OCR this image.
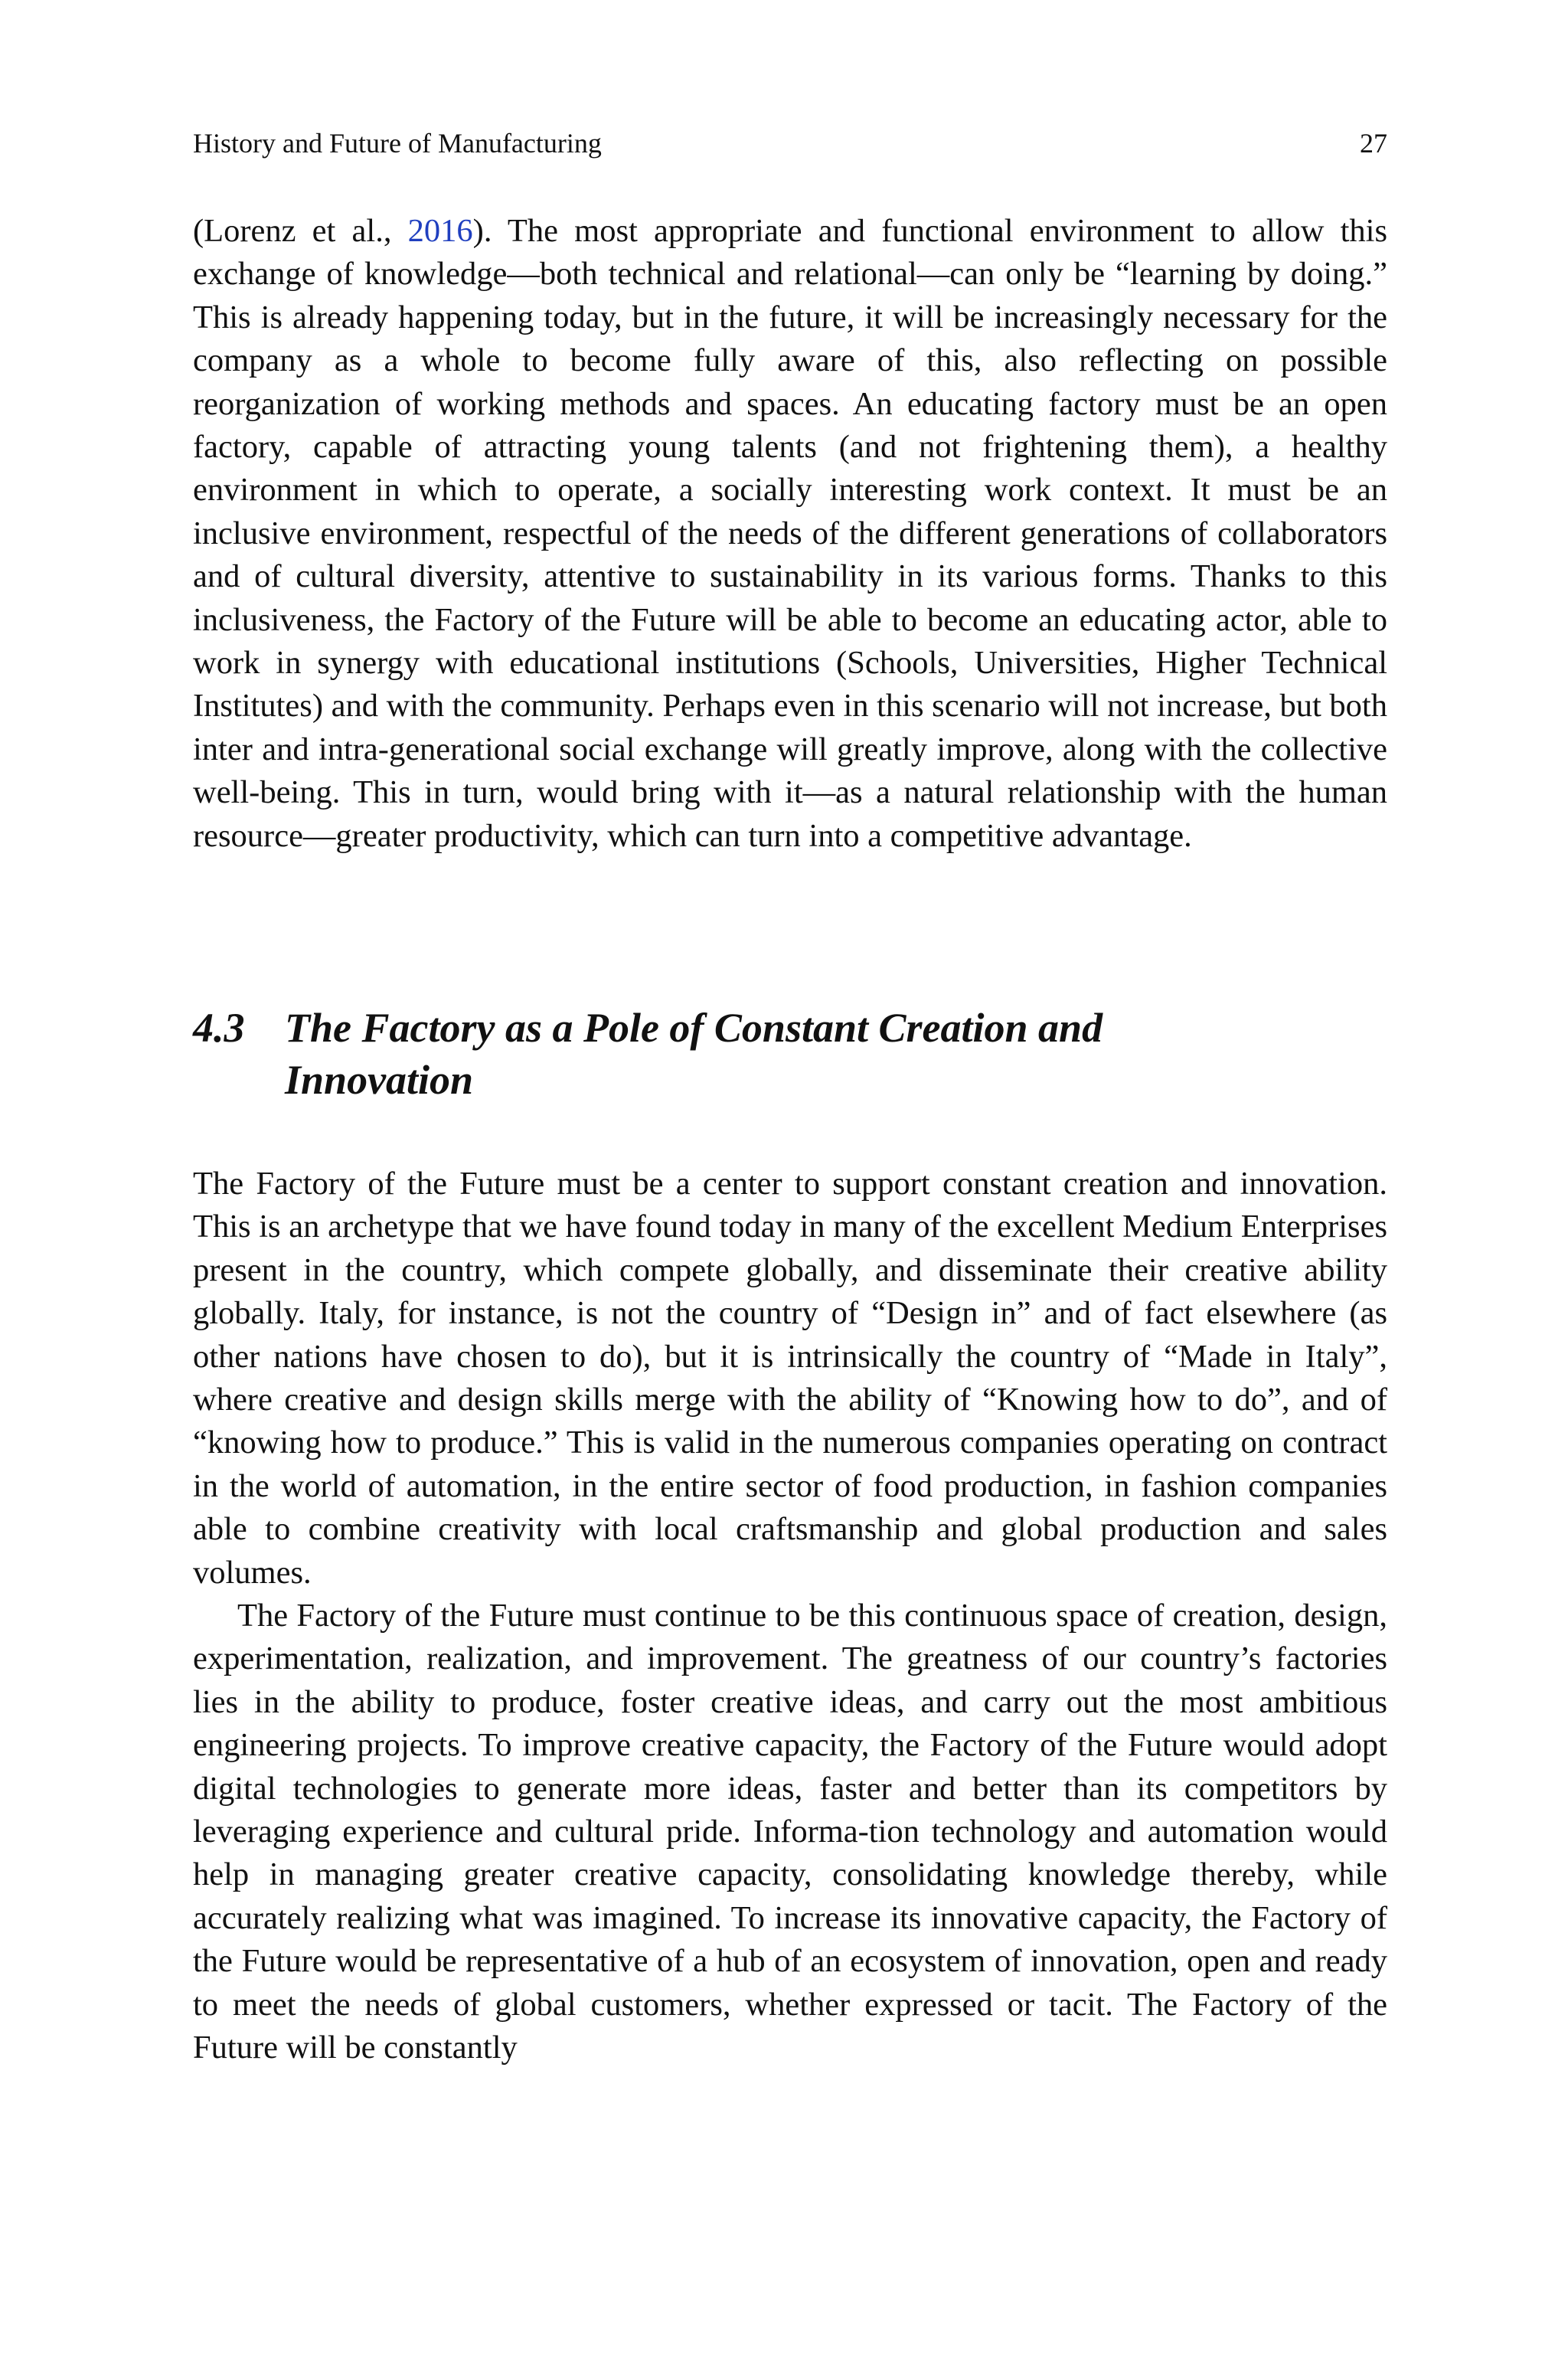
History and Future of Manufacturing	27

(Lorenz et al., 2016). The most appropriate and functional environment to allow this exchange of knowledge—both technical and relational—can only be “learning by doing.” This is already happening today, but in the future, it will be increasingly necessary for the company as a whole to become fully aware of this, also reflecting on possible reorganization of working methods and spaces. An educating factory must be an open factory, capable of attracting young talents (and not frightening them), a healthy environment in which to operate, a socially interesting work context. It must be an inclusive environment, respectful of the needs of the different generations of collaborators and of cultural diversity, attentive to sustainability in its various forms. Thanks to this inclusiveness, the Factory of the Future will be able to become an educating actor, able to work in synergy with educational institutions (Schools, Universities, Higher Technical Institutes) and with the community. Perhaps even in this scenario will not increase, but both inter and intra-generational social exchange will greatly improve, along with the collective well-being. This in turn, would bring with it—as a natural relationship with the human resource—greater productivity, which can turn into a competitive advantage.

4.3 The Factory as a Pole of Constant Creation and Innovation

The Factory of the Future must be a center to support constant creation and innovation. This is an archetype that we have found today in many of the excellent Medium Enterprises present in the country, which compete globally, and disseminate their creative ability globally. Italy, for instance, is not the country of “Design in” and of fact elsewhere (as other nations have chosen to do), but it is intrinsically the country of “Made in Italy”, where creative and design skills merge with the ability of “Knowing how to do”, and of “knowing how to produce.” This is valid in the numerous companies operating on contract in the world of automation, in the entire sector of food production, in fashion companies able to combine creativity with local craftsmanship and global production and sales volumes.

The Factory of the Future must continue to be this continuous space of creation, design, experimentation, realization, and improvement. The greatness of our country’s factories lies in the ability to produce, foster creative ideas, and carry out the most ambitious engineering projects. To improve creative capacity, the Factory of the Future would adopt digital technologies to generate more ideas, faster and better than its competitors by leveraging experience and cultural pride. Informa-tion technology and automation would help in managing greater creative capacity, consolidating knowledge thereby, while accurately realizing what was imagined. To increase its innovative capacity, the Factory of the Future would be representative of a hub of an ecosystem of innovation, open and ready to meet the needs of global customers, whether expressed or tacit. The Factory of the Future will be constantly
